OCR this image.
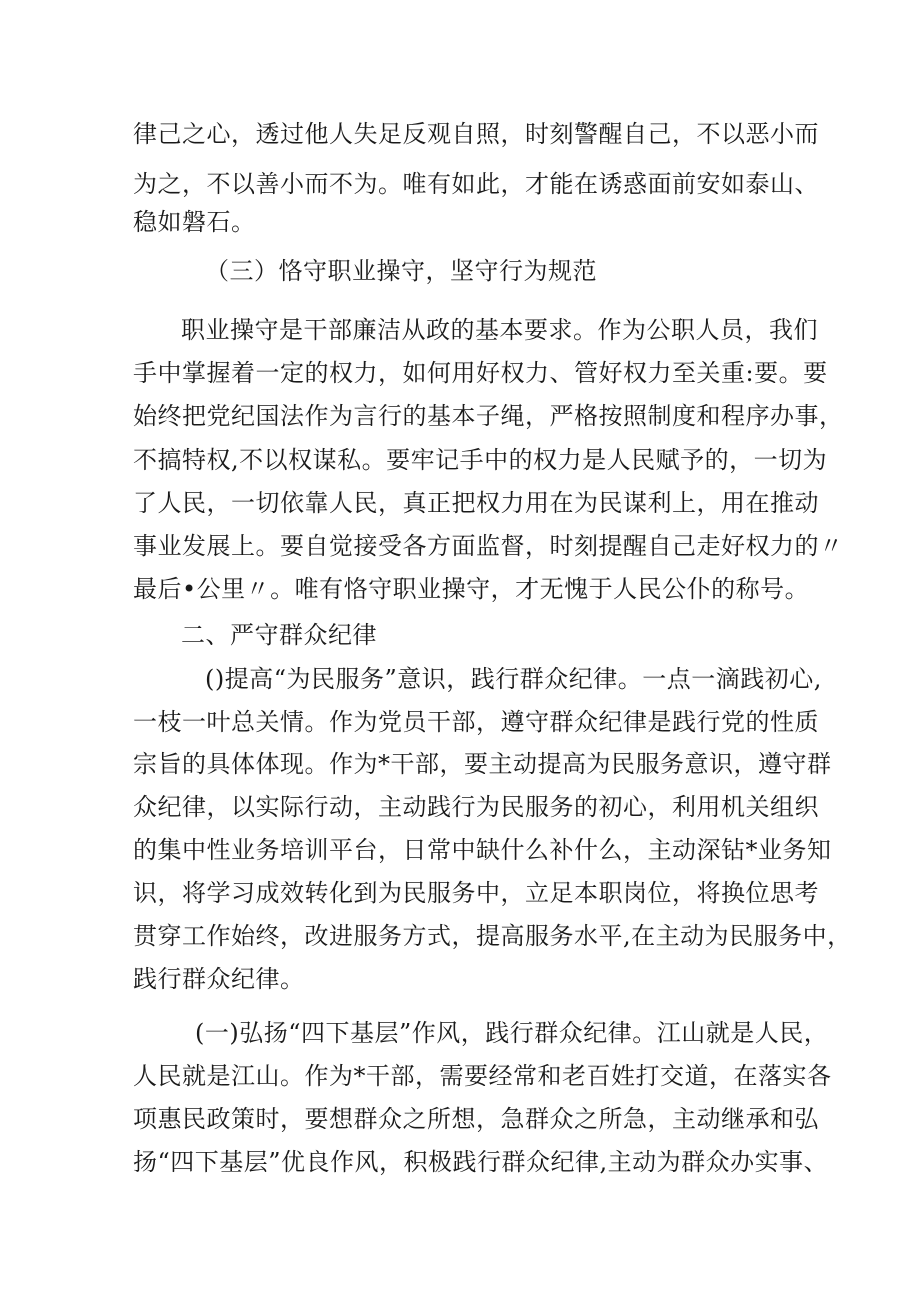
律己之心，透过他人失足反观自照，时刻警醒自己，不以恶小而
为之，不以善小而不为。唯有如此，才能在诱惑面前安如泰山、
稳如磐石。
（三）恪守职业操守，坚守行为规范
职业操守是干部廉洁从政的基本要求。作为公职人员，我们
手中掌握着一定的权力，如何用好权力、管好权力至关重:要。要
始终把党纪国法作为言行的基本子绳，严格按照制度和程序办事，
不搞特权,不以权谋私。要牢记手中的权力是人民赋予的，一切为
了人民，一切依靠人民，真正把权力用在为民谋利上，用在推动
事业发展上。要自觉接受各方面监督，时刻提醒自己走好权力的〃
最后•公里〃。唯有恪守职业操守，才无愧于人民公仆的称号。
二、严守群众纪律
()提高“为民服务”意识，践行群众纪律。一点一滴践初心,
一枝一叶总关情。作为党员干部，遵守群众纪律是践行党的性质
宗旨的具体体现。作为*干部，要主动提高为民服务意识，遵守群
众纪律，以实际行动，主动践行为民服务的初心，利用机关组织
的集中性业务培训平台，日常中缺什么补什么，主动深钻*业务知
识，将学习成效转化到为民服务中，立足本职岗位，将换位思考
贯穿工作始终，改进服务方式，提高服务水平,在主动为民服务中，
践行群众纪律。
(一)弘扬“四下基层”作风，践行群众纪律。江山就是人民，
人民就是江山。作为*干部，需要经常和老百姓打交道，在落实各
项惠民政策时，要想群众之所想，急群众之所急，主动继承和弘
扬“四下基层”优良作风，积极践行群众纪律,主动为群众办实事、
